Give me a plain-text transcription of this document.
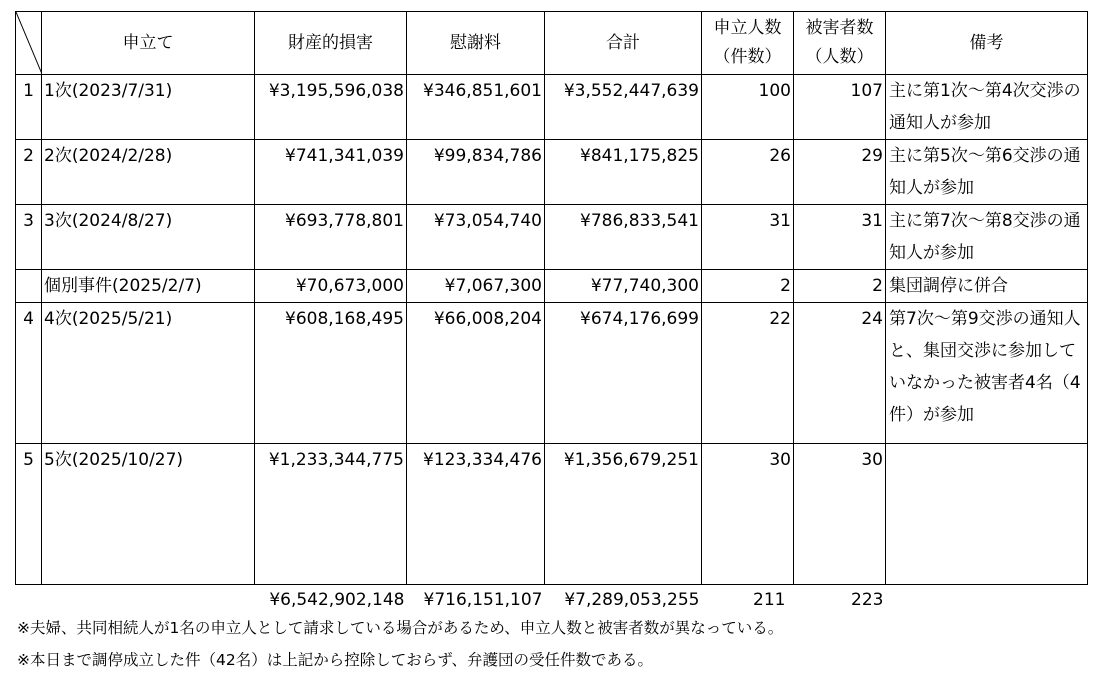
	申立て	財産的損害	慰謝料	合計	申立人数（件数）	被害者数（人数）	備考
1	1次(2023/7/31)	¥3,195,596,038	¥346,851,601	¥3,552,447,639	100	107	主に第1次～第4次交渉の通知人が参加
2	2次(2024/2/28)	¥741,341,039	¥99,834,786	¥841,175,825	26	29	主に第5次～第6交渉の通知人が参加
3	3次(2024/8/27)	¥693,778,801	¥73,054,740	¥786,833,541	31	31	主に第7次～第8交渉の通知人が参加
	個別事件(2025/2/7)	¥70,673,000	¥7,067,300	¥77,740,300	2	2	集団調停に併合
4	4次(2025/5/21)	¥608,168,495	¥66,008,204	¥674,176,699	22	24	第7次～第9交渉の通知人と、集団交渉に参加していなかった被害者4名（4件）が参加
5	5次(2025/10/27)	¥1,233,344,775	¥123,334,476	¥1,356,679,251	30	30	
		¥6,542,902,148	¥716,151,107	¥7,289,053,255	211	223	
※夫婦、共同相続人が1名の申立人として請求している場合があるため、申立人数と被害者数が異なっている。
※本日まで調停成立した件（42名）は上記から控除しておらず、弁護団の受任件数である。
